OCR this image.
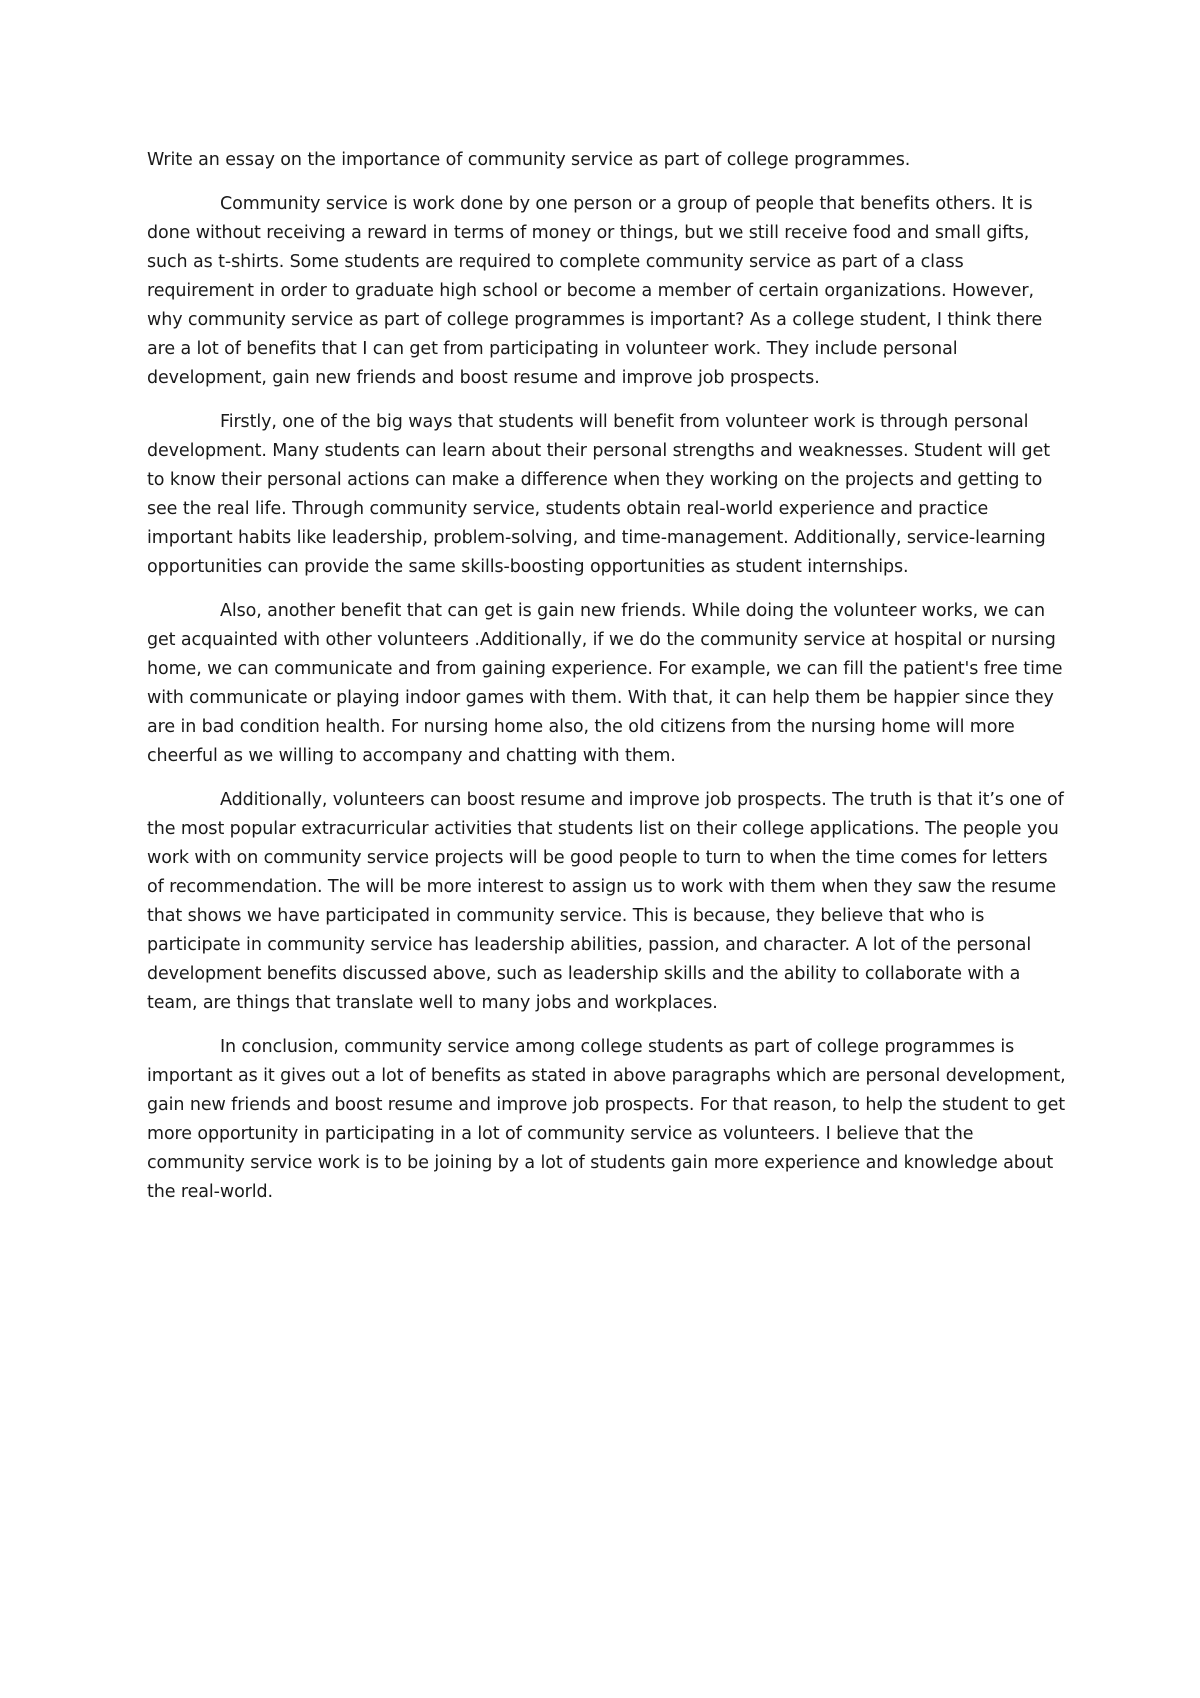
Write an essay on the importance of community service as part of college programmes.

Community service is work done by one person or a group of people that benefits others. It is done without receiving a reward in terms of money or things, but we still receive food and small gifts, such as t-shirts. Some students are required to complete community service as part of a class requirement in order to graduate high school or become a member of certain organizations. However, why community service as part of college programmes is important? As a college student, I think there are a lot of benefits that I can get from participating in volunteer work. They include personal development, gain new friends and boost resume and improve job prospects.

Firstly, one of the big ways that students will benefit from volunteer work is through personal development. Many students can learn about their personal strengths and weaknesses. Student will get to know their personal actions can make a difference when they working on the projects and getting to see the real life. Through community service, students obtain real-world experience and practice important habits like leadership, problem-solving, and time-management. Additionally, service-learning opportunities can provide the same skills-boosting opportunities as student internships.

Also, another benefit that can get is gain new friends. While doing the volunteer works, we can get acquainted with other volunteers .Additionally, if we do the community service at hospital or nursing home, we can communicate and from gaining experience. For example, we can fill the patient's free time with communicate or playing indoor games with them. With that, it can help them be happier since they are in bad condition health. For nursing home also, the old citizens from the nursing home will more cheerful as we willing to accompany and chatting with them.

Additionally, volunteers can boost resume and improve job prospects. The truth is that it’s one of the most popular extracurricular activities that students list on their college applications. The people you work with on community service projects will be good people to turn to when the time comes for letters of recommendation. The will be more interest to assign us to work with them when they saw the resume that shows we have participated in community service. This is because, they believe that who is participate in community service has leadership abilities, passion, and character. A lot of the personal development benefits discussed above, such as leadership skills and the ability to collaborate with a team, are things that translate well to many jobs and workplaces.

In conclusion, community service among college students as part of college programmes is important as it gives out a lot of benefits as stated in above paragraphs which are personal development, gain new friends and boost resume and improve job prospects. For that reason, to help the student to get more opportunity in participating in a lot of community service as volunteers. I believe that the community service work is to be joining by a lot of students gain more experience and knowledge about the real-world.
